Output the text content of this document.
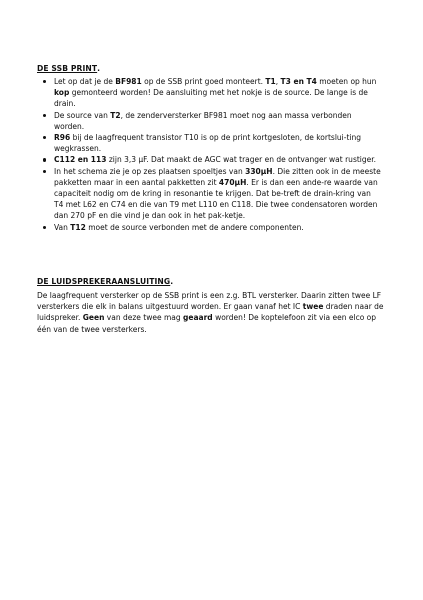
DE SSB PRINT.

Let op dat je de BF981 op de SSB print goed monteert. T1, T3 en T4 moeten op hun kop gemonteerd worden! De aansluiting met het nokje is de source. De lange is de drain.
De source van T2, de zenderversterker BF981 moet nog aan massa verbonden worden.
R96 bij de laagfrequent transistor T10 is op de print kortgesloten, de kortslui-ting wegkrassen.
C112 en 113 zijn 3,3 μF. Dat maakt de AGC wat trager en de ontvanger wat rustiger.
In het schema zie je op zes plaatsen spoeltjes van 330μH. Die zitten ook in de meeste pakketten maar in een aantal pakketten zit 470μH. Er is dan een ande-re waarde van capaciteit nodig om de kring in resonantie te krijgen. Dat be-treft de drain-kring van T4 met L62 en C74 en die van T9 met L110 en C118. Die twee condensatoren worden dan 270 pF en die vind je dan ook in het pak-ketje.
Van T12 moet de source verbonden met de andere componenten.

DE LUIDSPREKERAANSLUITING.

De laagfrequent versterker op de SSB print is een z.g. BTL versterker. Daarin zitten twee LF versterkers die elk in balans uitgestuurd worden. Er gaan vanaf het IC twee draden naar de luidspreker. Geen van deze twee mag geaard worden! De koptelefoon zit via een elco op één van de twee versterkers.
